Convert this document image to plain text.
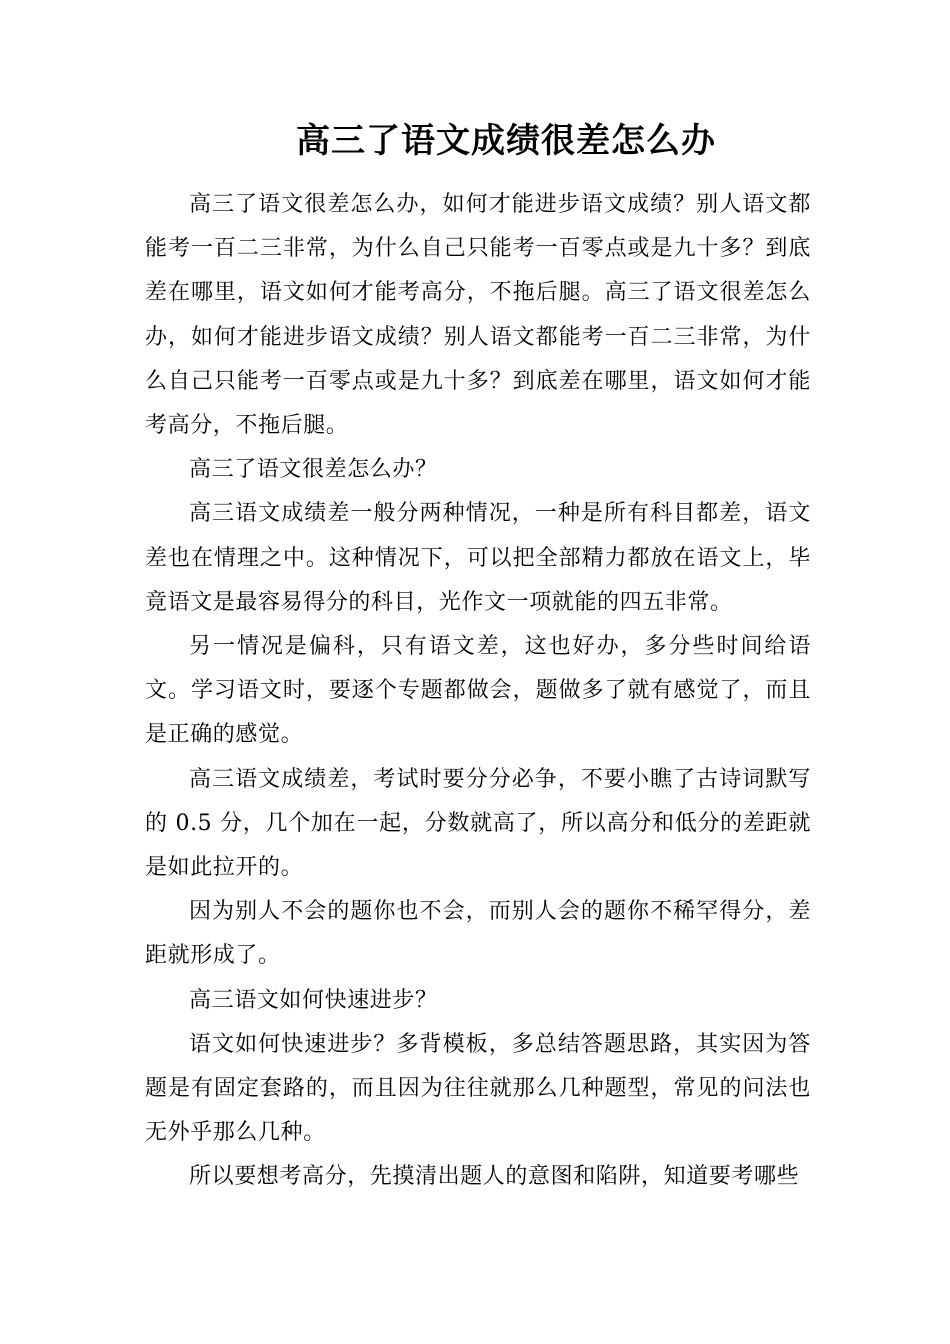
高三了语文成绩很差怎么办

高三了语文很差怎么办，如何才能进步语文成绩？别人语文都能考一百二三非常，为什么自己只能考一百零点或是九十多？到底差在哪里，语文如何才能考高分，不拖后腿。高三了语文很差怎么办，如何才能进步语文成绩？别人语文都能考一百二三非常，为什么自己只能考一百零点或是九十多？到底差在哪里，语文如何才能考高分，不拖后腿。

高三了语文很差怎么办？

高三语文成绩差一般分两种情况，一种是所有科目都差，语文差也在情理之中。这种情况下，可以把全部精力都放在语文上，毕竟语文是最容易得分的科目，光作文一项就能的四五非常。

另一情况是偏科，只有语文差，这也好办，多分些时间给语文。学习语文时，要逐个专题都做会，题做多了就有感觉了，而且是正确的感觉。

高三语文成绩差，考试时要分分必争，不要小瞧了古诗词默写的 0.5 分，几个加在一起，分数就高了，所以高分和低分的差距就是如此拉开的。

因为别人不会的题你也不会，而别人会的题你不稀罕得分，差距就形成了。

高三语文如何快速进步？

语文如何快速进步？多背模板，多总结答题思路，其实因为答题是有固定套路的，而且因为往往就那么几种题型，常见的问法也无外乎那么几种。

所以要想考高分，先摸清出题人的意图和陷阱，知道要考哪些
